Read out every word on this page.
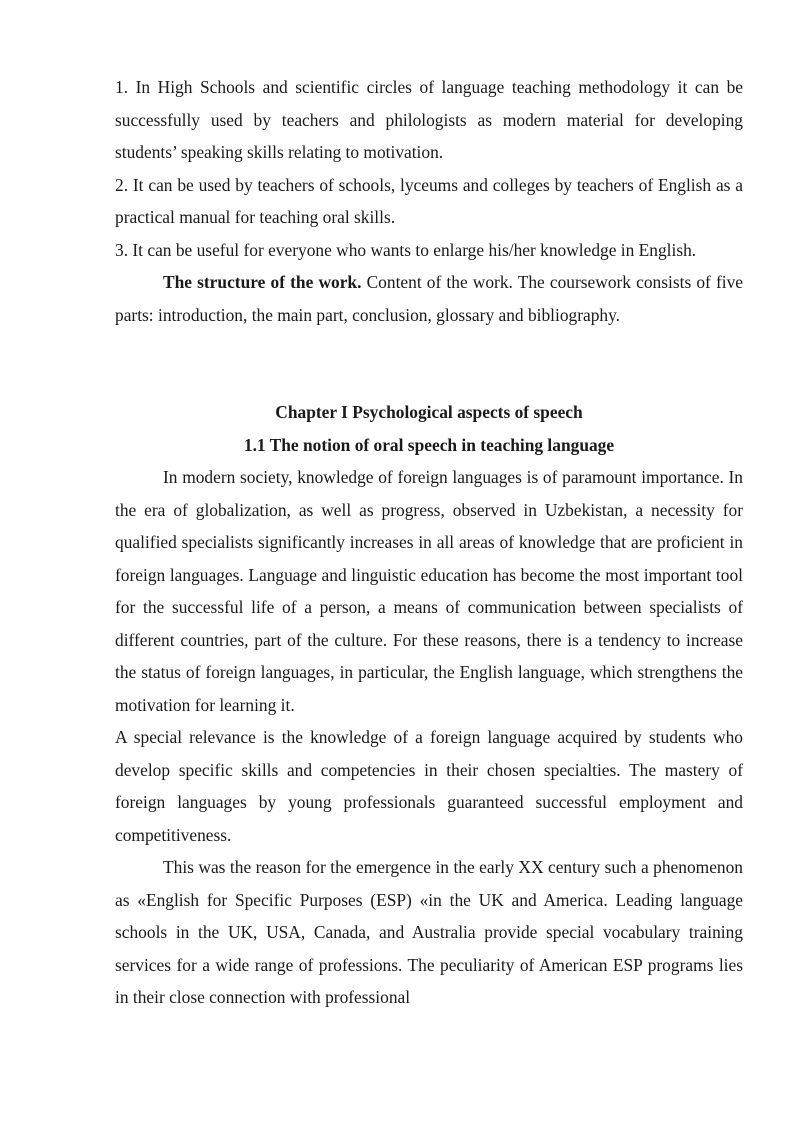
1. In High Schools and scientific circles of language teaching methodology it can be successfully used by teachers and philologists as modern material for developing students’ speaking skills relating to motivation.

2. It can be used by teachers of schools, lyceums and colleges by teachers of English as a practical manual for teaching oral skills.

3. It can be useful for everyone who wants to enlarge his/her knowledge in English.

The structure of the work. Content of the work. The coursework consists of five parts: introduction, the main part, conclusion, glossary and bibliography.

Chapter I Psychological aspects of speech

1.1 The notion of oral speech in teaching language

In modern society, knowledge of foreign languages is of paramount importance. In the era of globalization, as well as progress, observed in Uzbekistan, a necessity for qualified specialists significantly increases in all areas of knowledge that are proficient in foreign languages. Language and linguistic education has become the most important tool for the successful life of a person, a means of communication between specialists of different countries, part of the culture. For these reasons, there is a tendency to increase the status of foreign languages, in particular, the English language, which strengthens the motivation for learning it.

A special relevance is the knowledge of a foreign language acquired by students who develop specific skills and competencies in their chosen specialties. The mastery of foreign languages by young professionals guaranteed successful employment and competitiveness.

This was the reason for the emergence in the early XX century such a phenomenon as «English for Specific Purposes (ESP) «in the UK and America. Leading language schools in the UK, USA, Canada, and Australia provide special vocabulary training services for a wide range of professions. The peculiarity of American ESP programs lies in their close connection with professional
